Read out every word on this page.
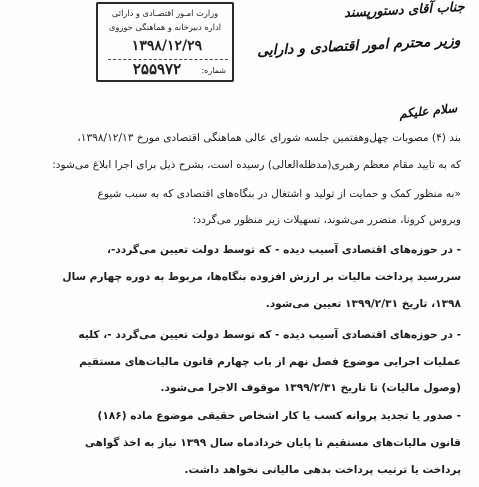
وزارت امـور اقتصـادی و دارائی
اداره دبیرخانه و هماهنگی حوزوی
۱۳۹۸/۱۲/۲۹
۲۵۵۹۷۲	شماره:
جناب آقای دستورپسند
وزیر محترم امور اقتصادی و دارایی
سلام علیکم
بند (۴) مصوبات چهل‌وهفتمین جلسه شورای عالی هماهنگی اقتصادی مورخ ۱۳۹۸/۱۲/۱۳،
که به تایید مقام معظم رهبری(مدظله‌العالی) رسیده است، بشرح ذیل برای اجرا ابلاغ می‌شود:
«به منظور کمک و حمایت از تولید و اشتغال در بنگاه‌های اقتصادی که به سبب شیوع
ویروس کرونا، متضرر می‌شوند، تسهیلات زیر منظور می‌گردد:
- در حوزه‌های اقتصادی آسیب دیده - که توسط دولت تعیین می‌گردد-،
سررسید پرداخت مالیات بر ارزش افزوده بنگاه‌ها، مربوط به دوره چهارم سال
۱۳۹۸، تاریخ ۱۳۹۹/۲/۳۱ تعیین می‌شود.
- در حوزه‌های اقتصادی آسیب دیده - که توسط دولت تعیین می‌گردد -، کلیه
عملیات اجرایی موضوع فصل نهم از باب چهارم قانون مالیات‌های مستقیم
(وصول مالیات) تا تاریخ ۱۳۹۹/۲/۳۱ موقوف الاجرا می‌شود.
- صدور یا تجدید پروانه کسب یا کار اشخاص حقیقی موضوع ماده (۱۸۶)
قانون مالیات‌های مستقیم تا پایان خردادماه سال ۱۳۹۹ نیاز به اخذ گواهی
پرداخت یا ترتیب پرداخت بدهی مالیاتی نخواهد داشت.
